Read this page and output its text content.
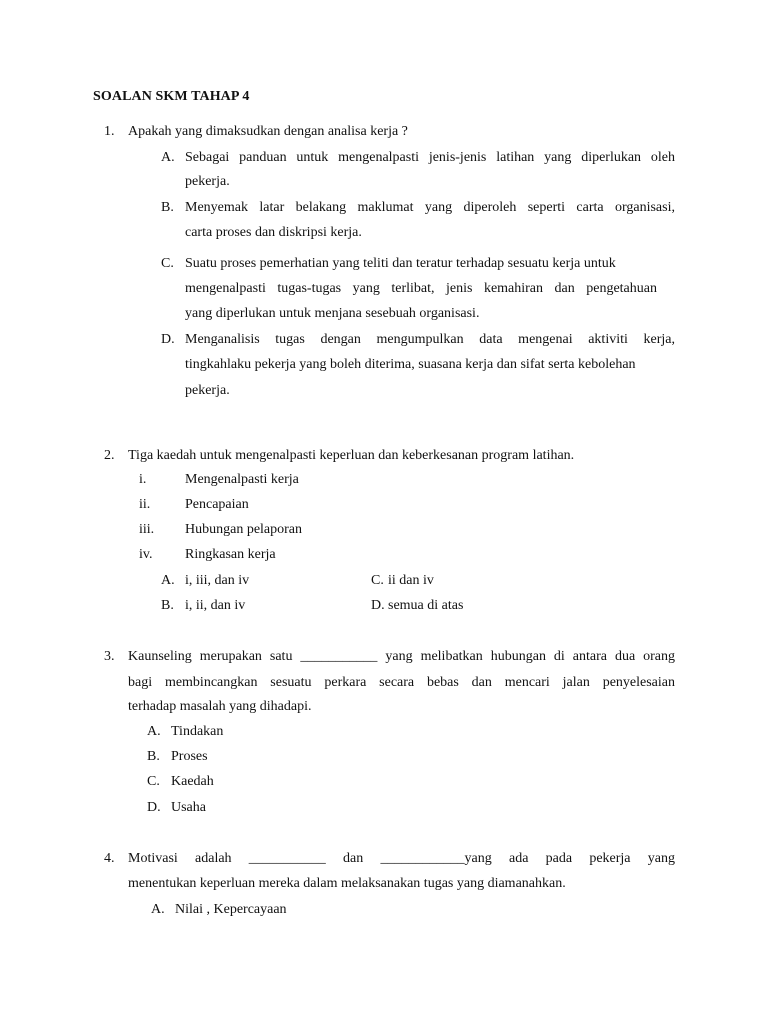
SOALAN SKM TAHAP 4
1. Apakah yang dimaksudkan dengan analisa kerja ?
A. Sebagai panduan untuk mengenalpasti jenis-jenis latihan yang diperlukan oleh
pekerja.
B. Menyemak latar belakang maklumat yang diperoleh seperti carta organisasi,
carta proses dan diskripsi kerja.
C. Suatu proses pemerhatian yang teliti dan teratur terhadap sesuatu kerja untuk
mengenalpasti tugas-tugas yang terlibat, jenis kemahiran dan pengetahuan
yang diperlukan untuk menjana sesebuah organisasi.
D. Menganalisis tugas dengan mengumpulkan data mengenai aktiviti kerja,
tingkahlaku pekerja yang boleh diterima, suasana kerja dan sifat serta kebolehan
pekerja.
2. Tiga kaedah untuk mengenalpasti keperluan dan keberkesanan program latihan.
i.	Mengenalpasti kerja
ii. Pencapaian
iii. Hubungan pelaporan
iv. Ringkasan kerja
A. i, iii, dan iv
B. i, ii, dan iv
C. ii dan iv
D. semua di atas
3. Kaunseling merupakan satu ___________ yang melibatkan hubungan di antara dua orang
bagi membincangkan sesuatu perkara secara bebas dan mencari jalan penyelesaian
terhadap masalah yang dihadapi.
A. Tindakan
B. Proses
C. Kaedah
D. Usaha
4. Motivasi adalah ___________ dan ____________yang ada pada pekerja yang
menentukan keperluan mereka dalam melaksanakan tugas yang diamanahkan.
A. Nilai , Kepercayaan
